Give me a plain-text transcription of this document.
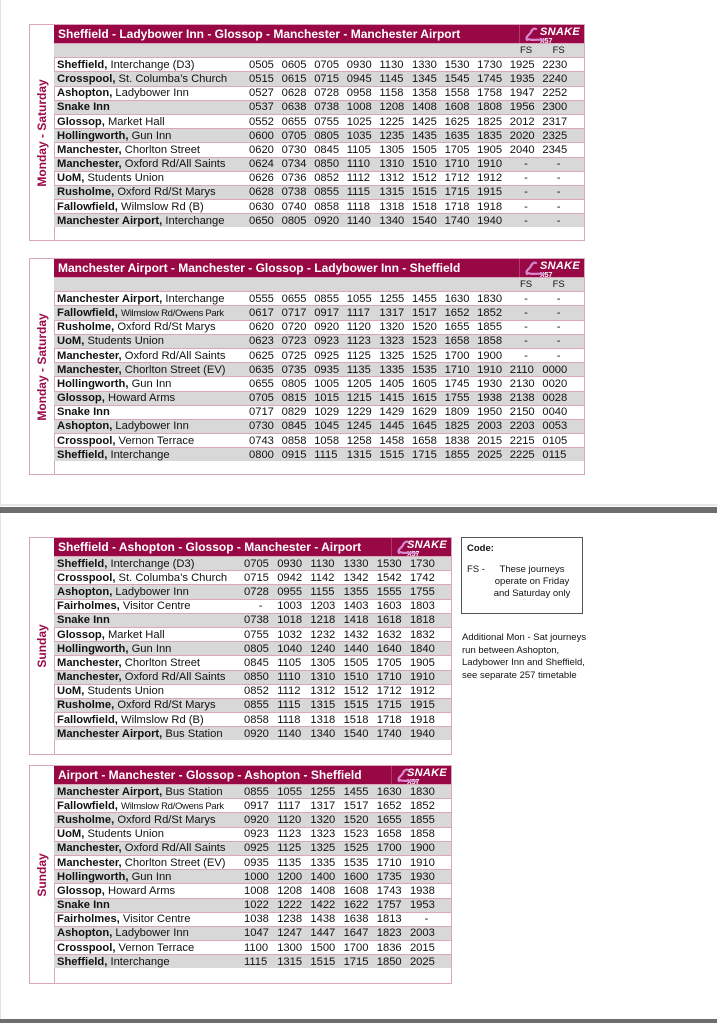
Monday - Saturday
Sheffield - Ladybower Inn - Glossop - Manchester - Manchester Airport	SNAKE
X57
FS	FS
Sheffield, Interchange (D3)	0505 0605 0705 0930 1130 1330 1530 1730 1925 2230
Crosspool, St. Columba’s Church	0515 0615 0715 0945 1145 1345 1545 1745 1935 2240
Ashopton, Ladybower Inn	0527 0628 0728 0958 1158 1358 1558 1758 1947 2252
Snake Inn	0537 0638 0738 1008 1208 1408 1608 1808 1956 2300
Glossop, Market Hall	0552 0655 0755 1025 1225 1425 1625 1825 2012 2317
Hollingworth, Gun Inn	0600 0705 0805 1035 1235 1435 1635 1835 2020 2325
Manchester, Chorlton Street	0620 0730 0845 1105 1305 1505 1705 1905 2040 2345
Manchester, Oxford Rd/All Saints	0624 0734 0850 1110 1310 1510 1710 1910	-	-
UoM, Students Union	0626 0736 0852 1112 1312 1512 1712 1912	-	-
Rusholme, Oxford Rd/St Marys	0628 0738 0855 1115 1315 1515 1715 1915	-	-
Fallowfield, Wilmslow Rd (B)	0630 0740 0858 1118 1318 1518 1718 1918	-	-
Manchester Airport, Interchange	0650 0805 0920 1140 1340 1540 1740 1940	-	-
Monday - Saturday
Manchester Airport - Manchester - Glossop - Ladybower Inn - Sheffield	SNAKE
X57
FS	FS
Manchester Airport, Interchange	0555 0655 0855 1055 1255 1455 1630 1830	-	-
Fallowfield, Wilmslow Rd/Owens Park	0617 0717 0917 1117 1317 1517 1652 1852	-	-
Rusholme, Oxford Rd/St Marys	0620 0720 0920 1120 1320 1520 1655 1855	-	-
UoM, Students Union	0623 0723 0923 1123 1323 1523 1658 1858	-	-
Manchester, Oxford Rd/All Saints	0625 0725 0925 1125 1325 1525 1700 1900	-	-
Manchester, Chorlton Street (EV)	0635 0735 0935 1135 1335 1535 1710 1910 2110 0000
Hollingworth, Gun Inn	0655 0805 1005 1205 1405 1605 1745 1930 2130 0020
Glossop, Howard Arms	0705 0815 1015 1215 1415 1615 1755 1938 2138 0028
Snake Inn	0717 0829 1029 1229 1429 1629 1809 1950 2150 0040
Ashopton, Ladybower Inn	0730 0845 1045 1245 1445 1645 1825 2003 2203 0053
Crosspool, Vernon Terrace	0743 0858 1058 1258 1458 1658 1838 2015 2215 0105
Sheffield, Interchange	0800 0915 1115 1315 1515 1715 1855 2025 2225 0115
Sunday
Sheffield - Ashopton - Glossop - Manchester - Airport	SNAKE
X57
Sheffield, Interchange (D3)	0705 0930 1130 1330 1530 1730
Crosspool, St. Columba’s Church	0715 0942 1142 1342 1542 1742
Ashopton, Ladybower Inn	0728 0955 1155 1355 1555 1755
Fairholmes, Visitor Centre	-	1003 1203 1403 1603 1803
Snake Inn	0738 1018 1218 1418 1618 1818
Glossop, Market Hall	0755 1032 1232 1432 1632 1832
Hollingworth, Gun Inn	0805 1040 1240 1440 1640 1840
Manchester, Chorlton Street	0845 1105 1305 1505 1705 1905
Manchester, Oxford Rd/All Saints	0850 1110 1310 1510 1710 1910
UoM, Students Union	0852 1112 1312 1512 1712 1912
Rusholme, Oxford Rd/St Marys	0855 1115 1315 1515 1715 1915
Fallowfield, Wilmslow Rd (B)	0858 1118 1318 1518 1718 1918
Manchester Airport, Bus Station	0920 1140 1340 1540 1740 1940
Code:
FS -	These journeys operate on Friday and Saturday only
Additional Mon - Sat journeys run between Ashopton, Ladybower Inn and Sheffield, see separate 257 timetable
Sunday
Airport - Manchester - Glossop - Ashopton - Sheffield	SNAKE
X57
Manchester Airport, Bus Station	0855 1055 1255 1455 1630 1830
Fallowfield, Wilmslow Rd/Owens Park	0917 1117 1317 1517 1652 1852
Rusholme, Oxford Rd/St Marys	0920 1120 1320 1520 1655 1855
UoM, Students Union	0923 1123 1323 1523 1658 1858
Manchester, Oxford Rd/All Saints	0925 1125 1325 1525 1700 1900
Manchester, Chorlton Street (EV)	0935 1135 1335 1535 1710 1910
Hollingworth, Gun Inn	1000 1200 1400 1600 1735 1930
Glossop, Howard Arms	1008 1208 1408 1608 1743 1938
Snake Inn	1022 1222 1422 1622 1757 1953
Fairholmes, Visitor Centre	1038 1238 1438 1638 1813	-
Ashopton, Ladybower Inn	1047 1247 1447 1647 1823 2003
Crosspool, Vernon Terrace	1100 1300 1500 1700 1836 2015
Sheffield, Interchange	1115 1315 1515 1715 1850 2025
